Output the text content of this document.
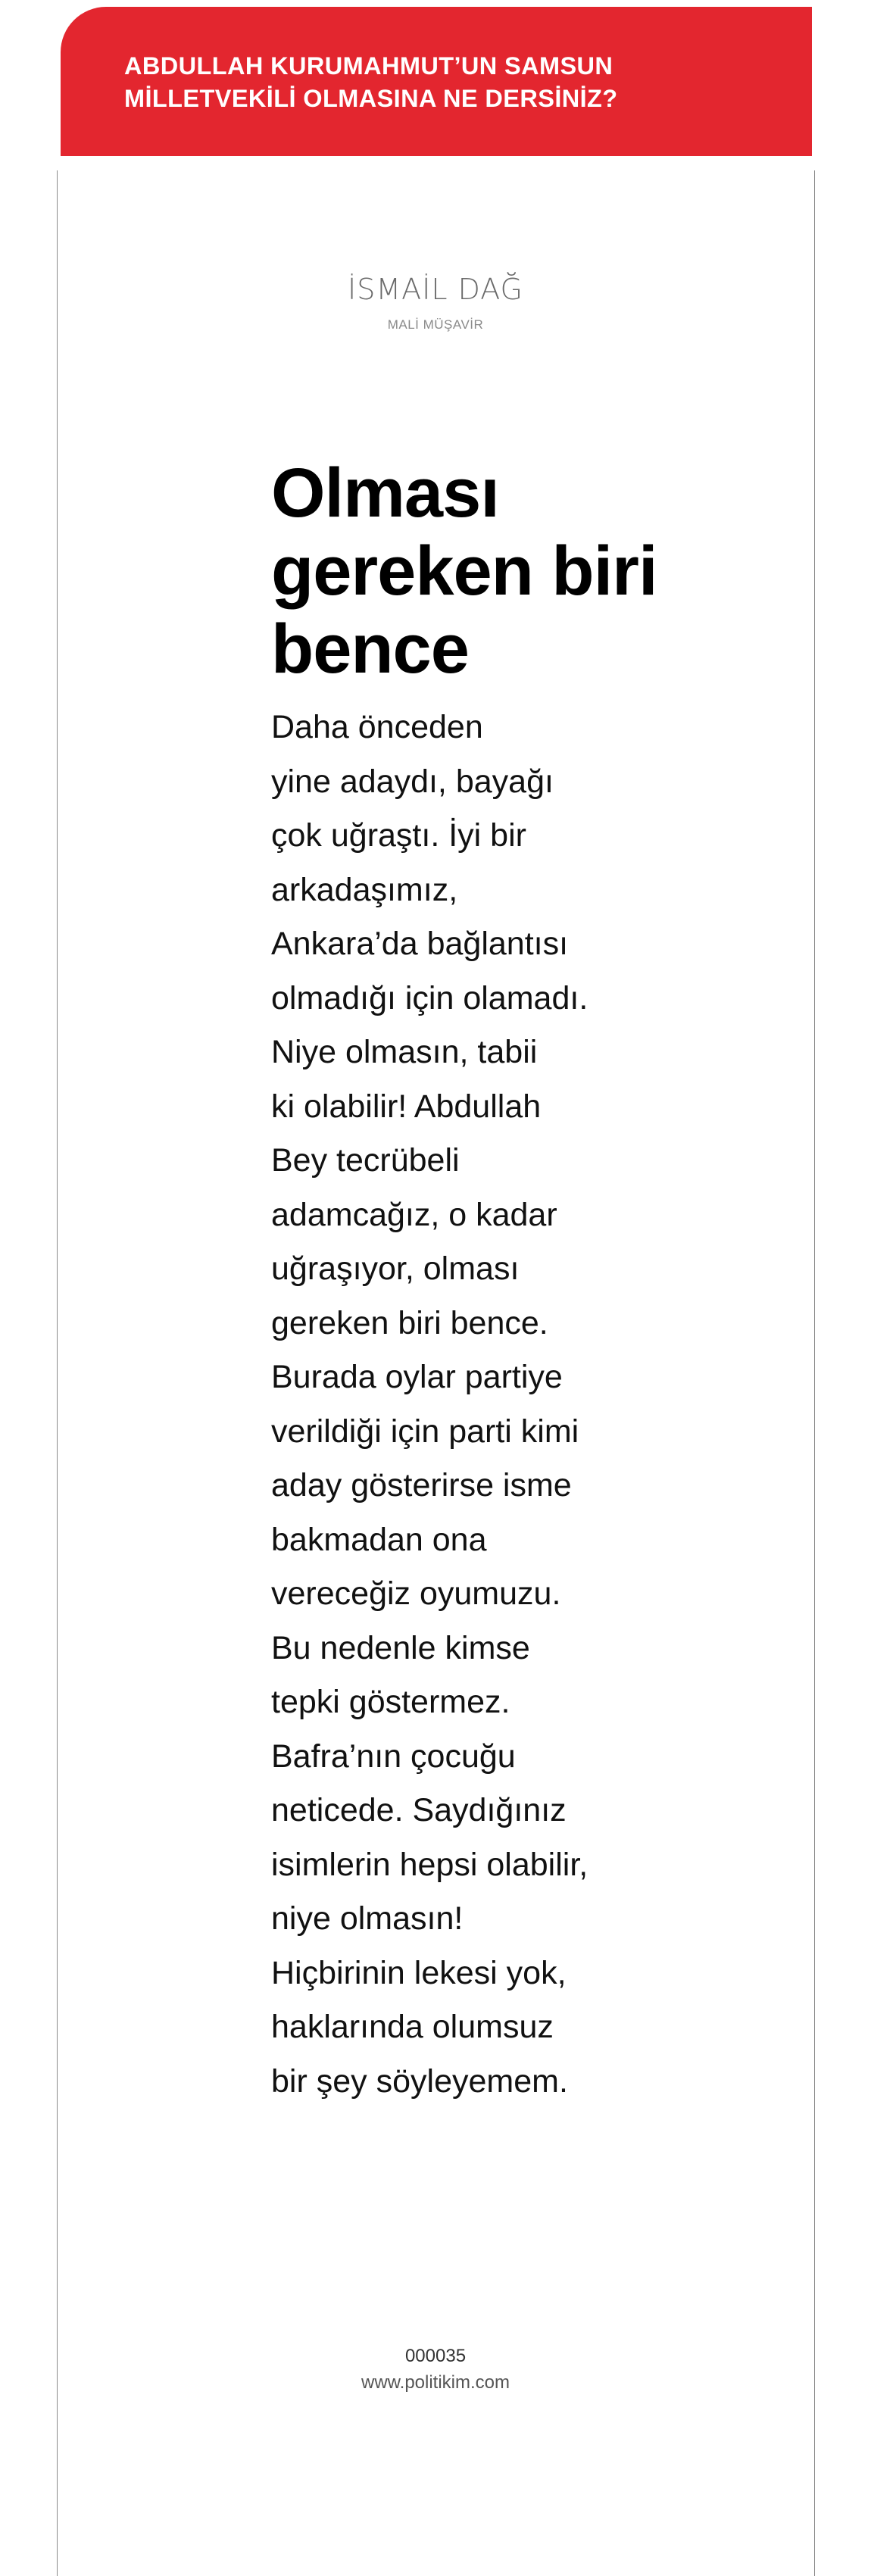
ABDULLAH KURUMAHMUT’UN SAMSUN
MİLLETVEKİLİ OLMASINA NE DERSİNİZ?

İSMAİL DAĞ
MALİ MÜŞAVİR
Olması
gereken biri
bence

Daha önceden
yine adaydı, bayağı
çok uğraştı. İyi bir
arkadaşımız,
Ankara’da bağlantısı
olmadığı için olamadı.
Niye olmasın, tabii
ki olabilir! Abdullah
Bey tecrübeli
adamcağız, o kadar
uğraşıyor, olması
gereken biri bence.
Burada oylar partiye
verildiği için parti kimi
aday gösterirse isme
bakmadan ona
vereceğiz oyumuzu.
Bu nedenle kimse
tepki göstermez.
Bafra’nın çocuğu
neticede. Saydığınız
isimlerin hepsi olabilir,
niye olmasın!
Hiçbirinin lekesi yok,
haklarında olumsuz
bir şey söyleyemem.

000035
www.politikim.com
